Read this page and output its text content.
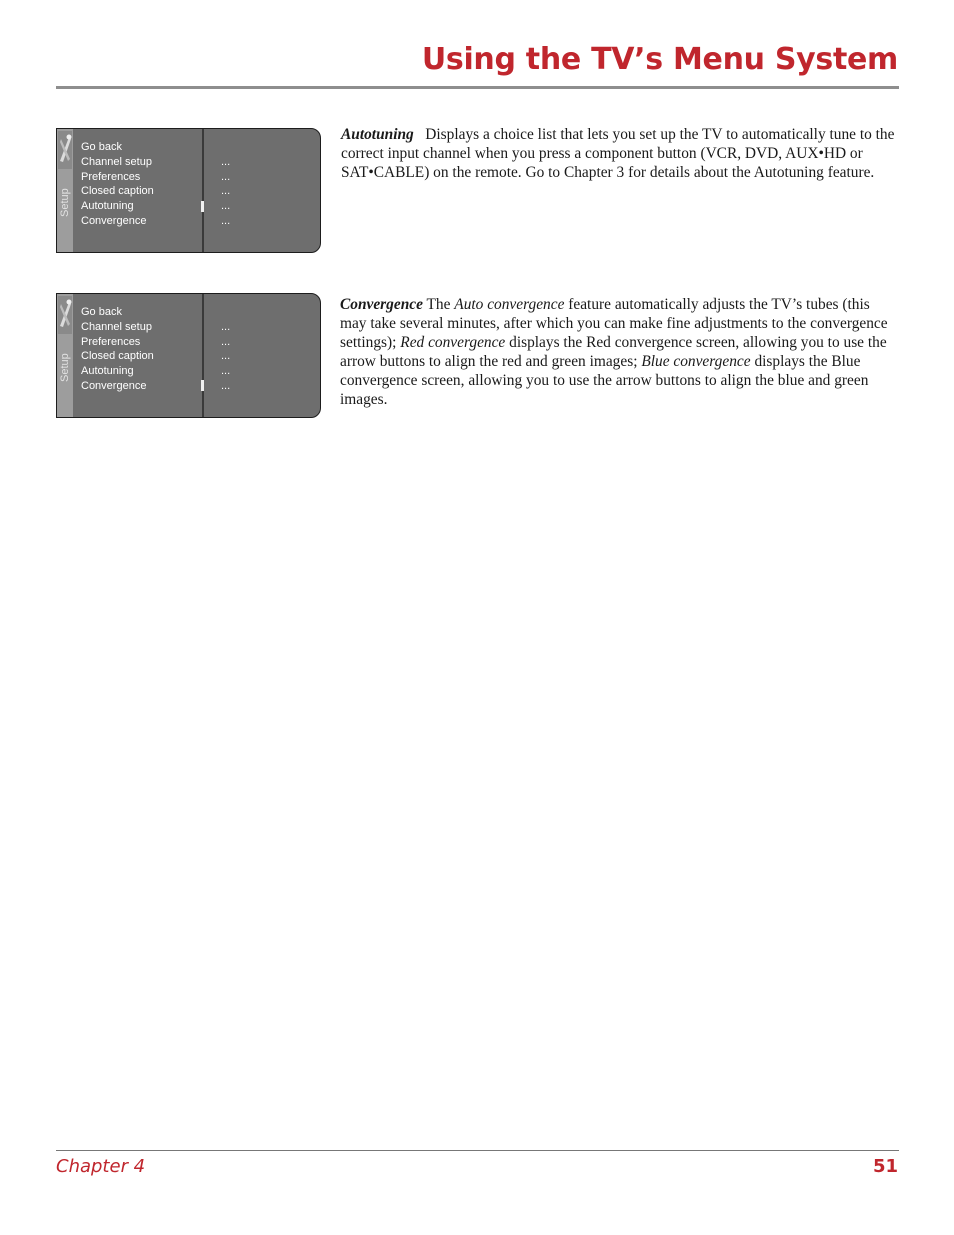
Using the TV’s Menu System
Setup
Go back
Channel setup
Preferences
Closed caption
Autotuning
Convergence
...
...
...
...
...

Autotuning Displays a choice list that lets you set up the TV to automatically tune to the correct input channel when you press a component button (VCR, DVD, AUX•HD or SAT•CABLE) on the remote. Go to Chapter 3 for details about the Autotuning feature.

Setup
Go back
Channel setup
Preferences
Closed caption
Autotuning
Convergence
...
...
...
...
...

Convergence The Auto convergence feature automatically adjusts the TV’s tubes (this may take several minutes, after which you can make fine adjustments to the convergence settings); Red convergence displays the Red convergence screen, allowing you to use the arrow buttons to align the red and green images; Blue convergence displays the Blue convergence screen, allowing you to use the arrow buttons to align the blue and green images.

Chapter 4	51
